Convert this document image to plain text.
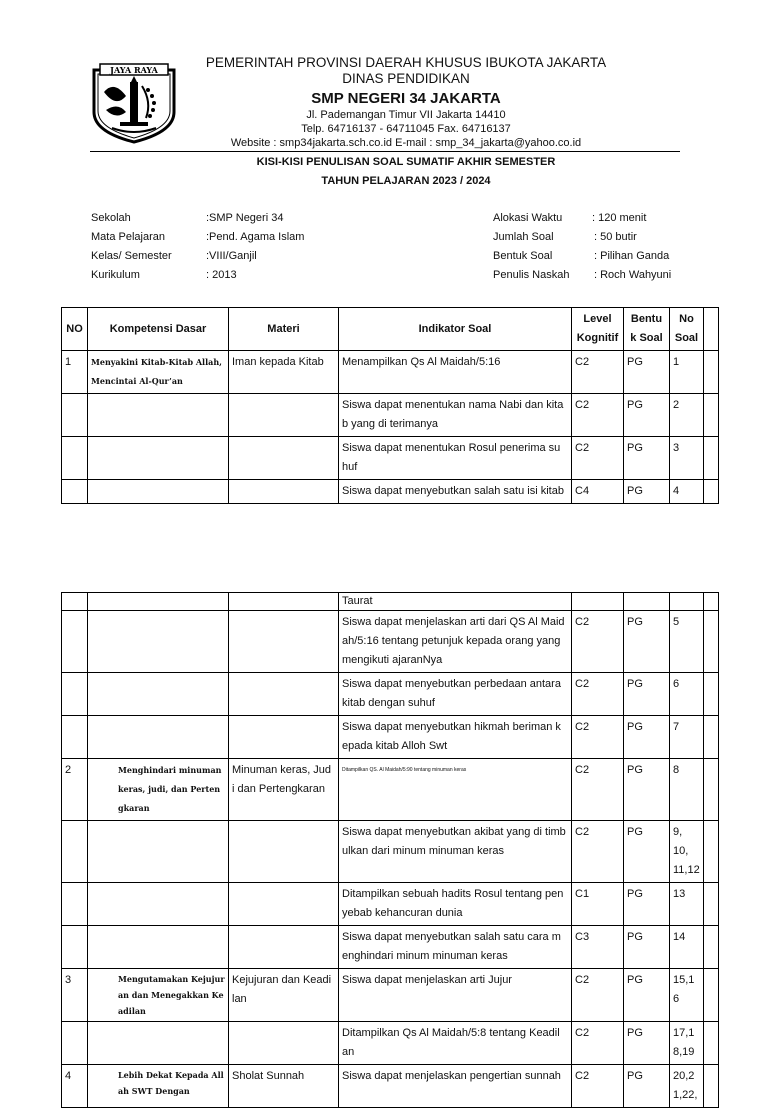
JAYA RAYA	PEMERINTAH PROVINSI DAERAH KHUSUS IBUKOTA JAKARTA
DINAS PENDIDIKAN
SMP NEGERI 34 JAKARTA
Jl. Pademangan Timur VII Jakarta 14410
Telp. 64716137 - 64711045 Fax. 64716137
Website : smp34jakarta.sch.co.id E-mail : smp_34_jakarta@yahoo.co.id
KISI-KISI PENULISAN SOAL SUMATIF AKHIR SEMESTER
TAHUN PELAJARAN 2023 / 2024
Sekolah	:SMP Negeri 34
Mata Pelajaran	:Pend. Agama Islam
Kelas/ Semester	:VIII/Ganjil
Kurikulum	: 2013
Alokasi Waktu	: 120 menit
Jumlah Soal	: 50 butir
Bentuk Soal	: Pilihan Ganda
Penulis Naskah : Roch Wahyuni
NO	Kompetensi Dasar	Materi	Indikator Soal	Level Kognitif	Bentu k Soal	No Soal	
1	Menyakini Kitab-Kitab Allah, Mencintai Al-Qur’an	Iman kepada Kitab	Menampilkan Qs Al Maidah/5:16	C2	PG	1	
			Siswa dapat menentukan nama Nabi dan kita b yang di terimanya	C2	PG	2	
			Siswa dapat menentukan Rosul penerima su huf	C2	PG	3	
			Siswa dapat menyebutkan salah satu isi kitab	C4	PG	4	
			Taurat				
			Siswa dapat menjelaskan arti dari QS Al Maid ah/5:16 tentang petunjuk kepada orang yang mengikuti ajaranNya	C2	PG	5	
			Siswa dapat menyebutkan perbedaan antara kitab dengan suhuf	C2	PG	6	
			Siswa dapat menyebutkan hikmah beriman k epada kitab Alloh Swt	C2	PG	7	
2	Menghindari minuman keras, judi, dan Pertengkaran	Minuman keras, Jud i dan Pertengkaran	Ditampilkan QS. Al Maidah/5:90 tentang minuman keras	C2	PG	8	
			Siswa dapat menyebutkan akibat yang di timb ulkan dari minum minuman keras	C2	PG	9, 10, 11,12	
			Ditampilkan sebuah hadits Rosul tentang pen yebab kehancuran dunia	C1	PG	13	
			Siswa dapat menyebutkan salah satu cara m enghindari minum minuman keras	C3	PG	14	
3	Mengutamakan Kejujuran dan Menegakkan Keadilan	Kejujuran dan Keadi lan	Siswa dapat menjelaskan arti Jujur	C2	PG	15,16	
			Ditampilkan Qs Al Maidah/5:8 tentang Keadil an	C2	PG	17,1 8,19	
4	Lebih Dekat Kepada Allah SWT Dengan	Sholat Sunnah	Siswa dapat menjelaskan pengertian sunnah	C2	PG	20,2 1,22,	
